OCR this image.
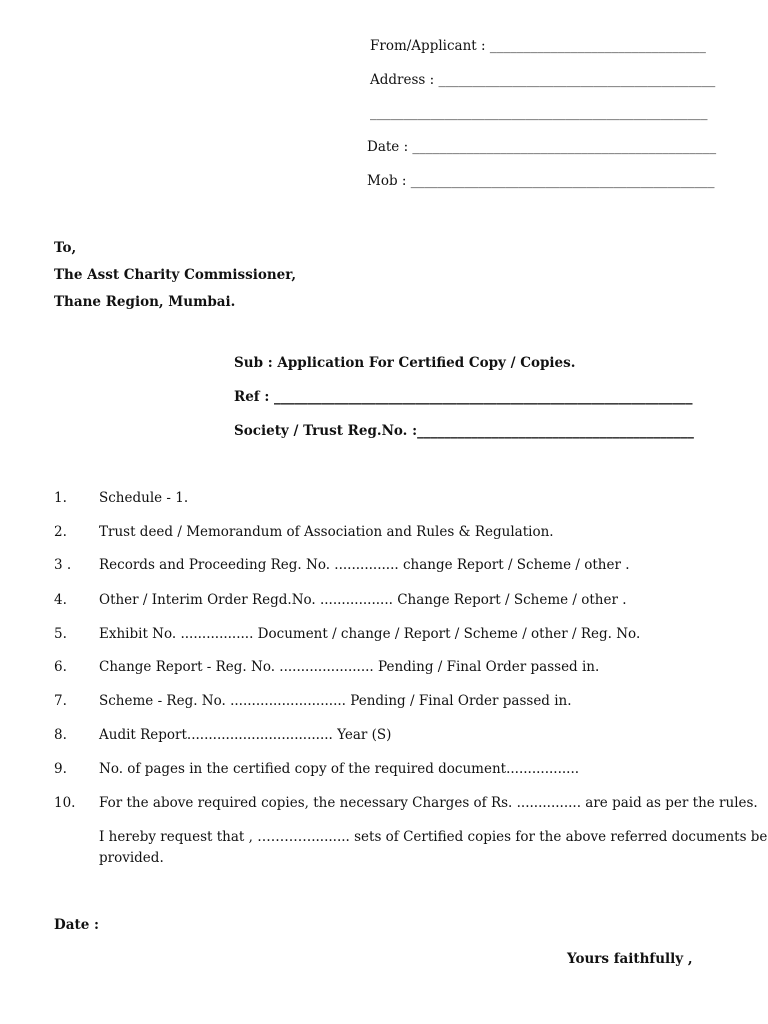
From/Applicant : ________________________________
Address : _________________________________________
__________________________________________________
Date : _____________________________________________
Mob : _____________________________________________
To,
The Asst Charity Commissioner,
Thane Region, Mumbai.
Sub : Application For Certified Copy / Copies.
Ref : ______________________________________________________________
Society / Trust Reg.No. :_________________________________________
1. Schedule - 1.
2. Trust deed / Memorandum of Association and Rules & Regulation.
3 . Records and Proceeding Reg. No. ............... change Report / Scheme / other .
4. Other / Interim Order Regd.No. ................. Change Report / Scheme / other .
5. Exhibit No. ................. Document / change / Report / Scheme / other / Reg. No.
6. Change Report - Reg. No. ...................... Pending / Final Order passed in.
7. Scheme - Reg. No. ........................... Pending / Final Order passed in.
8. Audit Report.................................. Year (S)
9. No. of pages in the certified copy of the required document.................
10. For the above required copies, the necessary Charges of Rs. ............... are paid as per the rules.
I hereby request that , …………......... sets of Certified copies for the above referred documents be
provided.
Date :
Yours faithfully ,
